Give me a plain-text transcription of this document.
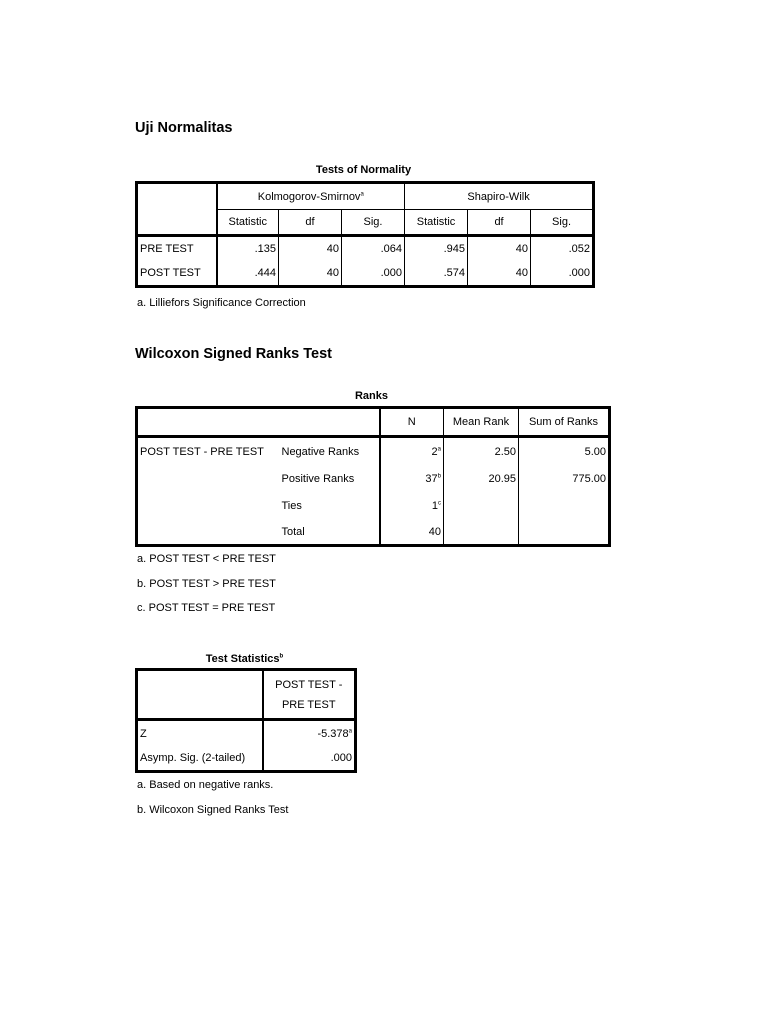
Uji Normalitas
Tests of Normality
	Kolmogorov-Smirnov$^a$			Shapiro-Wilk		
	Statistic	df	Sig.	Statistic	df	Sig.
PRE TEST	.135	40	.064	.945	40	.052
POST TEST	.444	40	.000	.574	40	.000
a. Lilliefors Significance Correction
Wilcoxon Signed Ranks Test
Ranks
		N	Mean Rank	Sum of Ranks
POST TEST - PRE TEST	Negative Ranks	2$^a$	2.50	5.00
	Positive Ranks	37$^b$	20.95	775.00
	Ties	1$^c$		
	Total	40		
a. POST TEST < PRE TEST
b. POST TEST > PRE TEST
c. POST TEST = PRE TEST
Test Statistics$^b$

	POST TEST -
PRE TEST

Z	-5.378$^a$
Asymp. Sig. (2-tailed)	.000
a. Based on negative ranks.
b. Wilcoxon Signed Ranks Test
